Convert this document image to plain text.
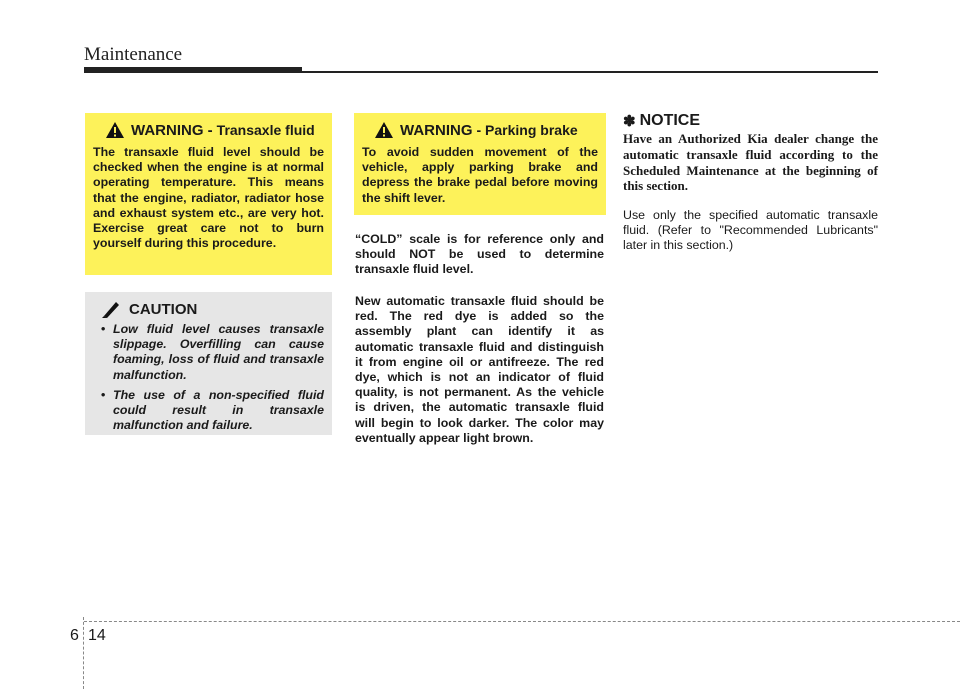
Maintenance
WARNING - Transaxle fluid
The transaxle fluid level should be checked when the engine is at normal operating temperature. This means that the engine, radiator, radiator hose and exhaust system etc., are very hot. Exercise great care not to burn yourself during this procedure.
CAUTION
• Low fluid level causes transaxle slippage. Overfilling can cause foaming, loss of fluid and transaxle malfunction.
• The use of a non-specified fluid could result in transaxle malfunction and failure.
WARNING - Parking brake
To avoid sudden movement of the vehicle, apply parking brake and depress the brake pedal before moving the shift lever.
“COLD” scale is for reference only and should NOT be used to determine transaxle fluid level.
New automatic transaxle fluid should be red. The red dye is added so the assembly plant can identify it as automatic transaxle fluid and distinguish it from engine oil or antifreeze. The red dye, which is not an indicator of fluid quality, is not permanent. As the vehicle is driven, the automatic transaxle fluid will begin to look darker. The color may eventually appear light brown.
✽ NOTICE
Have an Authorized Kia dealer change the automatic transaxle fluid according to the Scheduled Maintenance at the beginning of this section.
Use only the specified automatic transaxle fluid. (Refer to "Recommended Lubricants" later in this section.)
6 14
